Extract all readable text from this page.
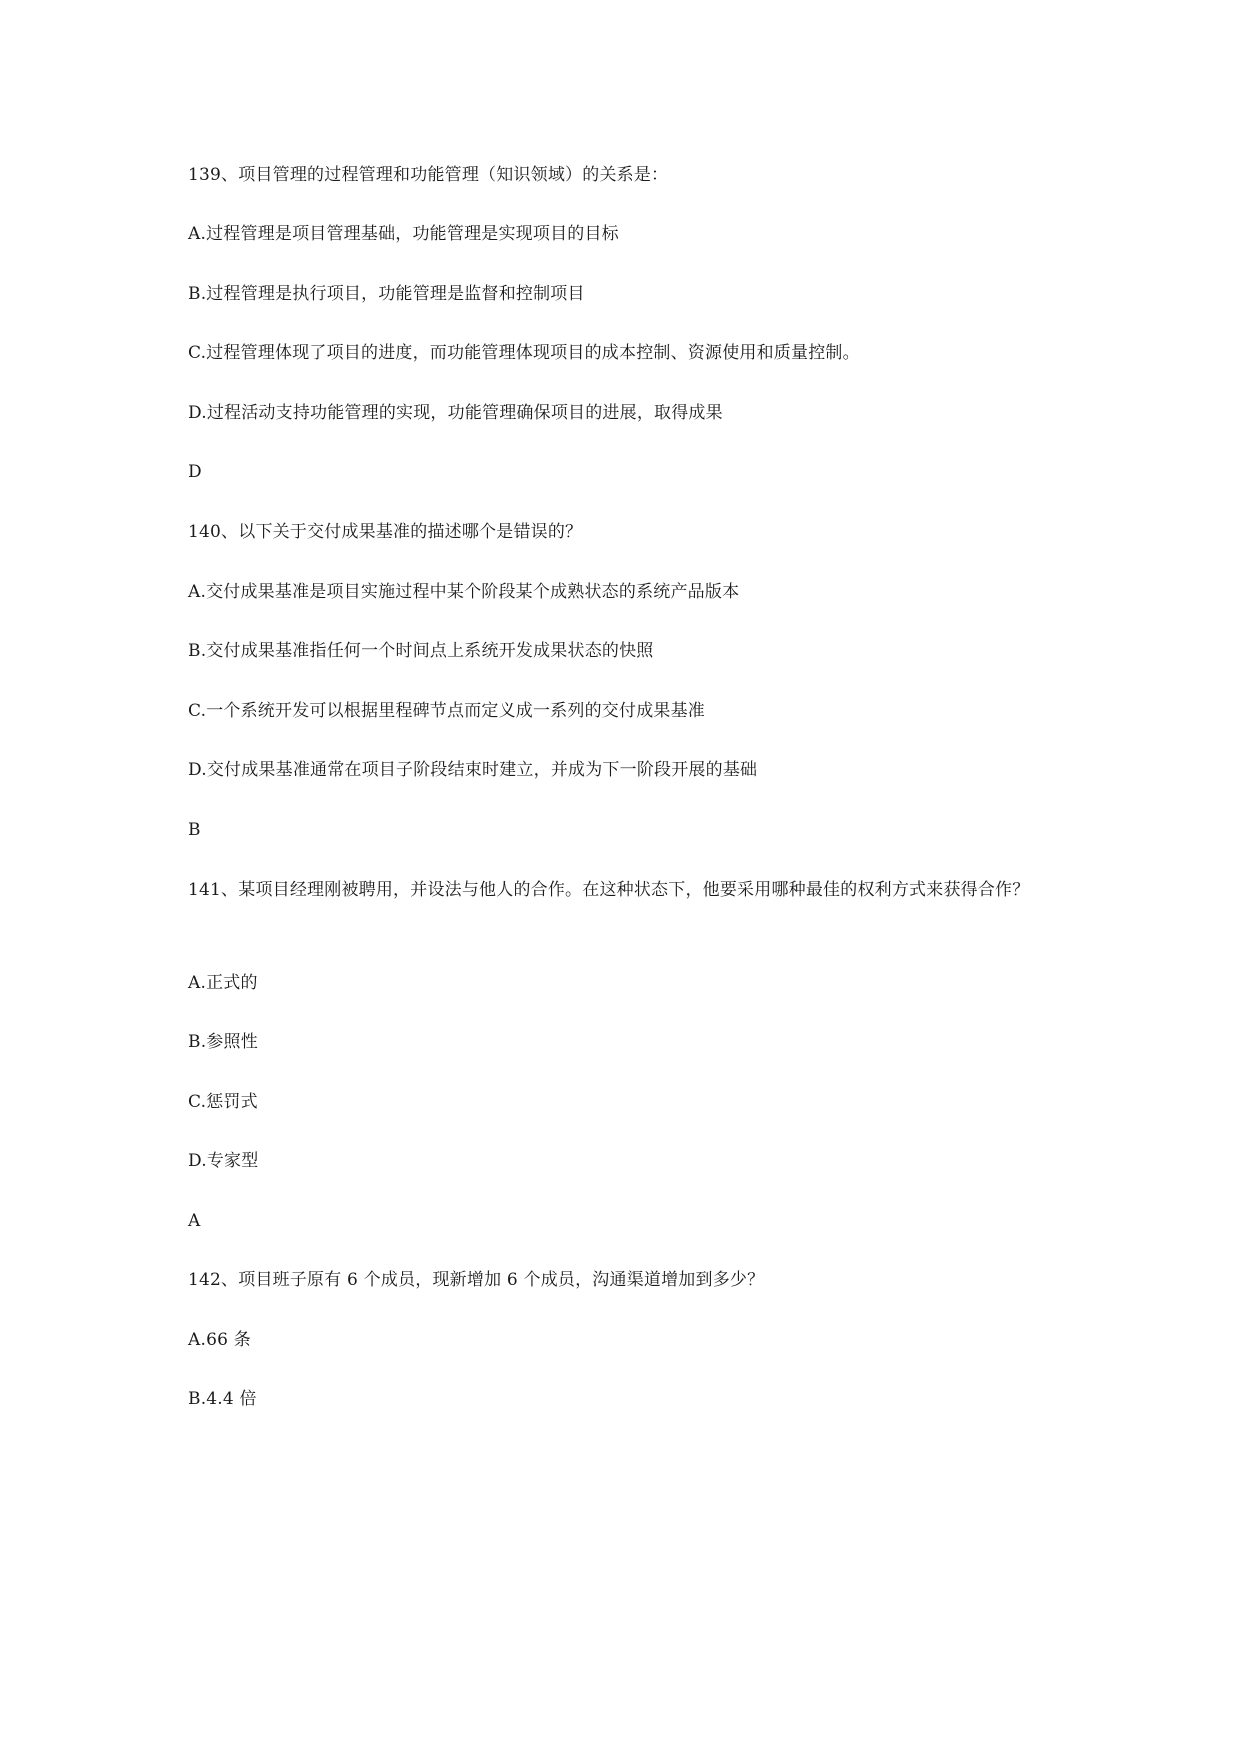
139、项目管理的过程管理和功能管理（知识领域）的关系是：
A.过程管理是项目管理基础，功能管理是实现项目的目标
B.过程管理是执行项目，功能管理是监督和控制项目
C.过程管理体现了项目的进度，而功能管理体现项目的成本控制、资源使用和质量控制。
D.过程活动支持功能管理的实现，功能管理确保项目的进展，取得成果
D
140、以下关于交付成果基准的描述哪个是错误的？
A.交付成果基准是项目实施过程中某个阶段某个成熟状态的系统产品版本
B.交付成果基准指任何一个时间点上系统开发成果状态的快照
C.一个系统开发可以根据里程碑节点而定义成一系列的交付成果基准
D.交付成果基准通常在项目子阶段结束时建立，并成为下一阶段开展的基础
B
141、某项目经理刚被聘用，并设法与他人的合作。在这种状态下，他要采用哪种最佳的权利方式来获得合作？
A.正式的
B.参照性
C.惩罚式
D.专家型
A
142、项目班子原有 6 个成员，现新增加 6 个成员，沟通渠道增加到多少？
A.66 条
B.4.4 倍
